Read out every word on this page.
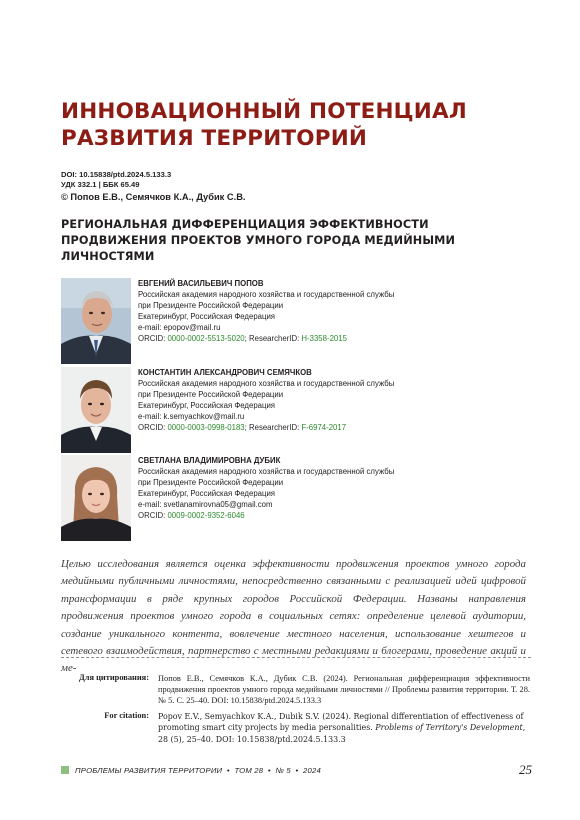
ИННОВАЦИОННЫЙ ПОТЕНЦИАЛ РАЗВИТИЯ ТЕРРИТОРИЙ
DOI: 10.15838/ptd.2024.5.133.3
УДК 332.1 | ББК 65.49
© Попов Е.В., Семячков К.А., Дубик С.В.
РЕГИОНАЛЬНАЯ ДИФФЕРЕНЦИАЦИЯ ЭФФЕКТИВНОСТИ ПРОДВИЖЕНИЯ ПРОЕКТОВ УМНОГО ГОРОДА МЕДИЙНЫМИ ЛИЧНОСТЯМИ
ЕВГЕНИЙ ВАСИЛЬЕВИЧ ПОПОВ
Российская академия народного хозяйства и государственной службы
при Президенте Российской Федерации
Екатеринбург, Российская Федерация
e-mail: epopov@mail.ru
ORCID: 0000-0002-5513-5020; ResearcherID: H-3358-2015
КОНСТАНТИН АЛЕКСАНДРОВИЧ СЕМЯЧКОВ
Российская академия народного хозяйства и государственной службы
при Президенте Российской Федерации
Екатеринбург, Российская Федерация
e-mail: k.semyachkov@mail.ru
ORCID: 0000-0003-0998-0183; ResearcherID: F-6974-2017
СВЕТЛАНА ВЛАДИМИРОВНА ДУБИК
Российская академия народного хозяйства и государственной службы
при Президенте Российской Федерации
Екатеринбург, Российская Федерация
e-mail: svetlanamirovna05@gmail.com
ORCID: 0009-0002-9352-6046
Целью исследования является оценка эффективности продвижения проектов умного города медийными публичными личностями, непосредственно связанными с реализацией идей цифровой трансформации в ряде крупных городов Российской Федерации. Названы направления продвижения проектов умного города в социальных сетях: определение целевой аудитории, создание уникального контента, вовлечение местного населения, использование хештегов и сетевого взаимодействия, партнерство с местными редакциями и блогерами, проведение акций и ме-
Для цитирования: Попов Е.В., Семячков К.А., Дубик С.В. (2024). Региональная дифференциация эффективности продвижения проектов умного города медийными личностями // Проблемы развития территории. Т. 28. № 5. С. 25–40. DOI: 10.15838/ptd.2024.5.133.3
For citation: Popov E.V., Semyachkov K.A., Dubik S.V. (2024). Regional differentiation of effectiveness of promoting smart city projects by media personalities. Problems of Territory's Development, 28 (5), 25–40. DOI: 10.15838/ptd.2024.5.133.3
ПРОБЛЕМЫ РАЗВИТИЯ ТЕРРИТОРИИ  •  ТОМ 28  •  № 5  •  2024	25
